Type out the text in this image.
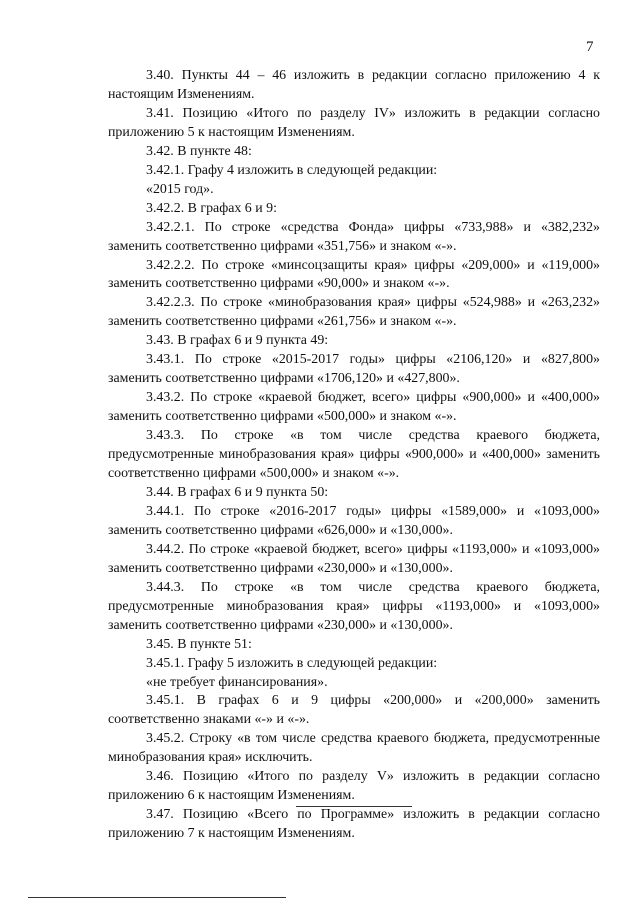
7

3.40. Пункты 44 – 46 изложить в редакции согласно приложению 4 к настоящим Изменениям.

3.41. Позицию «Итого по разделу IV» изложить в редакции согласно приложению 5 к настоящим Изменениям.

3.42. В пункте 48:

3.42.1. Графу 4 изложить в следующей редакции:

«2015 год».

3.42.2. В графах 6 и 9:

3.42.2.1. По строке «средства Фонда» цифры «733,988» и «382,232» заменить соответственно цифрами «351,756» и знаком «-».

3.42.2.2. По строке «минсоцзащиты края» цифры «209,000» и «119,000» заменить соответственно цифрами «90,000» и знаком «-».

3.42.2.3. По строке «минобразования края» цифры «524,988» и «263,232» заменить соответственно цифрами «261,756» и знаком «-».

3.43. В графах 6 и 9 пункта 49:

3.43.1. По строке «2015-2017 годы» цифры «2106,120» и «827,800» заменить соответственно цифрами «1706,120» и «427,800».

3.43.2. По строке «краевой бюджет, всего» цифры «900,000» и «400,000» заменить соответственно цифрами «500,000» и знаком «-».

3.43.3. По строке «в том числе средства краевого бюджета, предусмотренные минобразования края» цифры «900,000» и «400,000» заменить соответственно цифрами «500,000» и знаком «-».

3.44. В графах 6 и 9 пункта 50:

3.44.1. По строке «2016-2017 годы» цифры «1589,000» и «1093,000» заменить соответственно цифрами «626,000» и «130,000».

3.44.2. По строке «краевой бюджет, всего» цифры «1193,000» и «1093,000» заменить соответственно цифрами «230,000» и «130,000».

3.44.3. По строке «в том числе средства краевого бюджета, предусмотренные минобразования края» цифры «1193,000» и «1093,000» заменить соответственно цифрами «230,000» и «130,000».

3.45. В пункте 51:

3.45.1. Графу 5 изложить в следующей редакции:

«не требует финансирования».

3.45.1. В графах 6 и 9 цифры «200,000» и «200,000» заменить соответственно знаками «-» и «-».

3.45.2. Строку «в том числе средства краевого бюджета, предусмотренные минобразования края» исключить.

3.46. Позицию «Итого по разделу V» изложить в редакции согласно приложению 6 к настоящим Изменениям.

3.47. Позицию «Всего по Программе» изложить в редакции согласно приложению 7 к настоящим Изменениям.
